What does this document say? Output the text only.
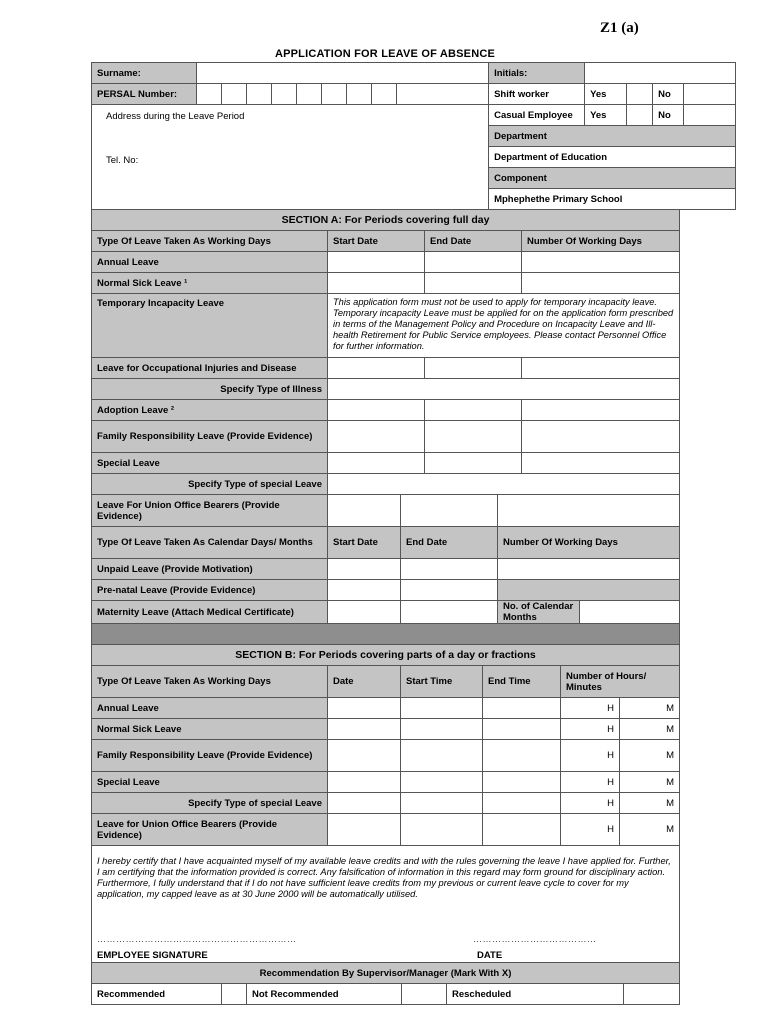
Z1 (a)
APPLICATION FOR LEAVE OF ABSENCE
Surname:										Initials:				
PERSAL Number:										Shift worker	Yes		No	

Address during the Leave Period
Tel. No:										Casual Employee	Yes		No	
										Department				
										Department of Education				
										Component				
										Mphephethe Primary School				
SECTION A: For Periods covering full day						
Type Of Leave Taken As Working Days	Start Date		End Date		Number Of Working Days	
Annual Leave						
Normal Sick Leave ¹						
Temporary Incapacity Leave	This application form must not be used to apply for temporary incapacity leave. Temporary incapacity Leave must be applied for on the application form prescribed in terms of the Management Policy and Procedure on Incapacity Leave and Ill-health Retirement for Public Service employees. Please contact Personnel Office for further information.					
Leave for Occupational Injuries and Disease						
Specify Type of Illness						
Adoption Leave ²						
Family Responsibility Leave (Provide Evidence)						
Special Leave						
Specify Type of special Leave						
Leave For Union Office Bearers (Provide Evidence)						
Type Of Leave Taken As Calendar Days/ Months	Start Date	End Date		Number Of Working Days		
Unpaid Leave (Provide Motivation)						
Pre-natal Leave (Provide Evidence)						
Maternity Leave (Attach Medical Certificate)				No. of Calendar Months		

SECTION B: For Periods covering parts of a day or fractions					
Type Of Leave Taken As Working Days	Date	Start Time	End Time	Number of Hours/ Minutes	
Annual Leave				H	M
Normal Sick Leave				H	M
Family Responsibility Leave (Provide Evidence)				H	M
Special Leave				H	M
Specify Type of special Leave				H	M
Leave for Union Office Bearers (Provide Evidence)				H	M
I hereby certify that I have acquainted myself of my available leave credits and with the rules governing the leave I have applied for. Further, I am certifying that the information provided is correct. Any falsification of information in this regard may form ground for disciplinary action. Furthermore, I fully understand that if I do not have sufficient leave credits from my previous or current leave cycle to cover for my application, my capped leave as at 30 June 2000 will be automatically utilised.

………………………………………………………
EMPLOYEE SIGNATURE
…………………………………
DATE

Recommendation By Supervisor/Manager (Mark With X)
Recommended		Not Recommended		Rescheduled	
